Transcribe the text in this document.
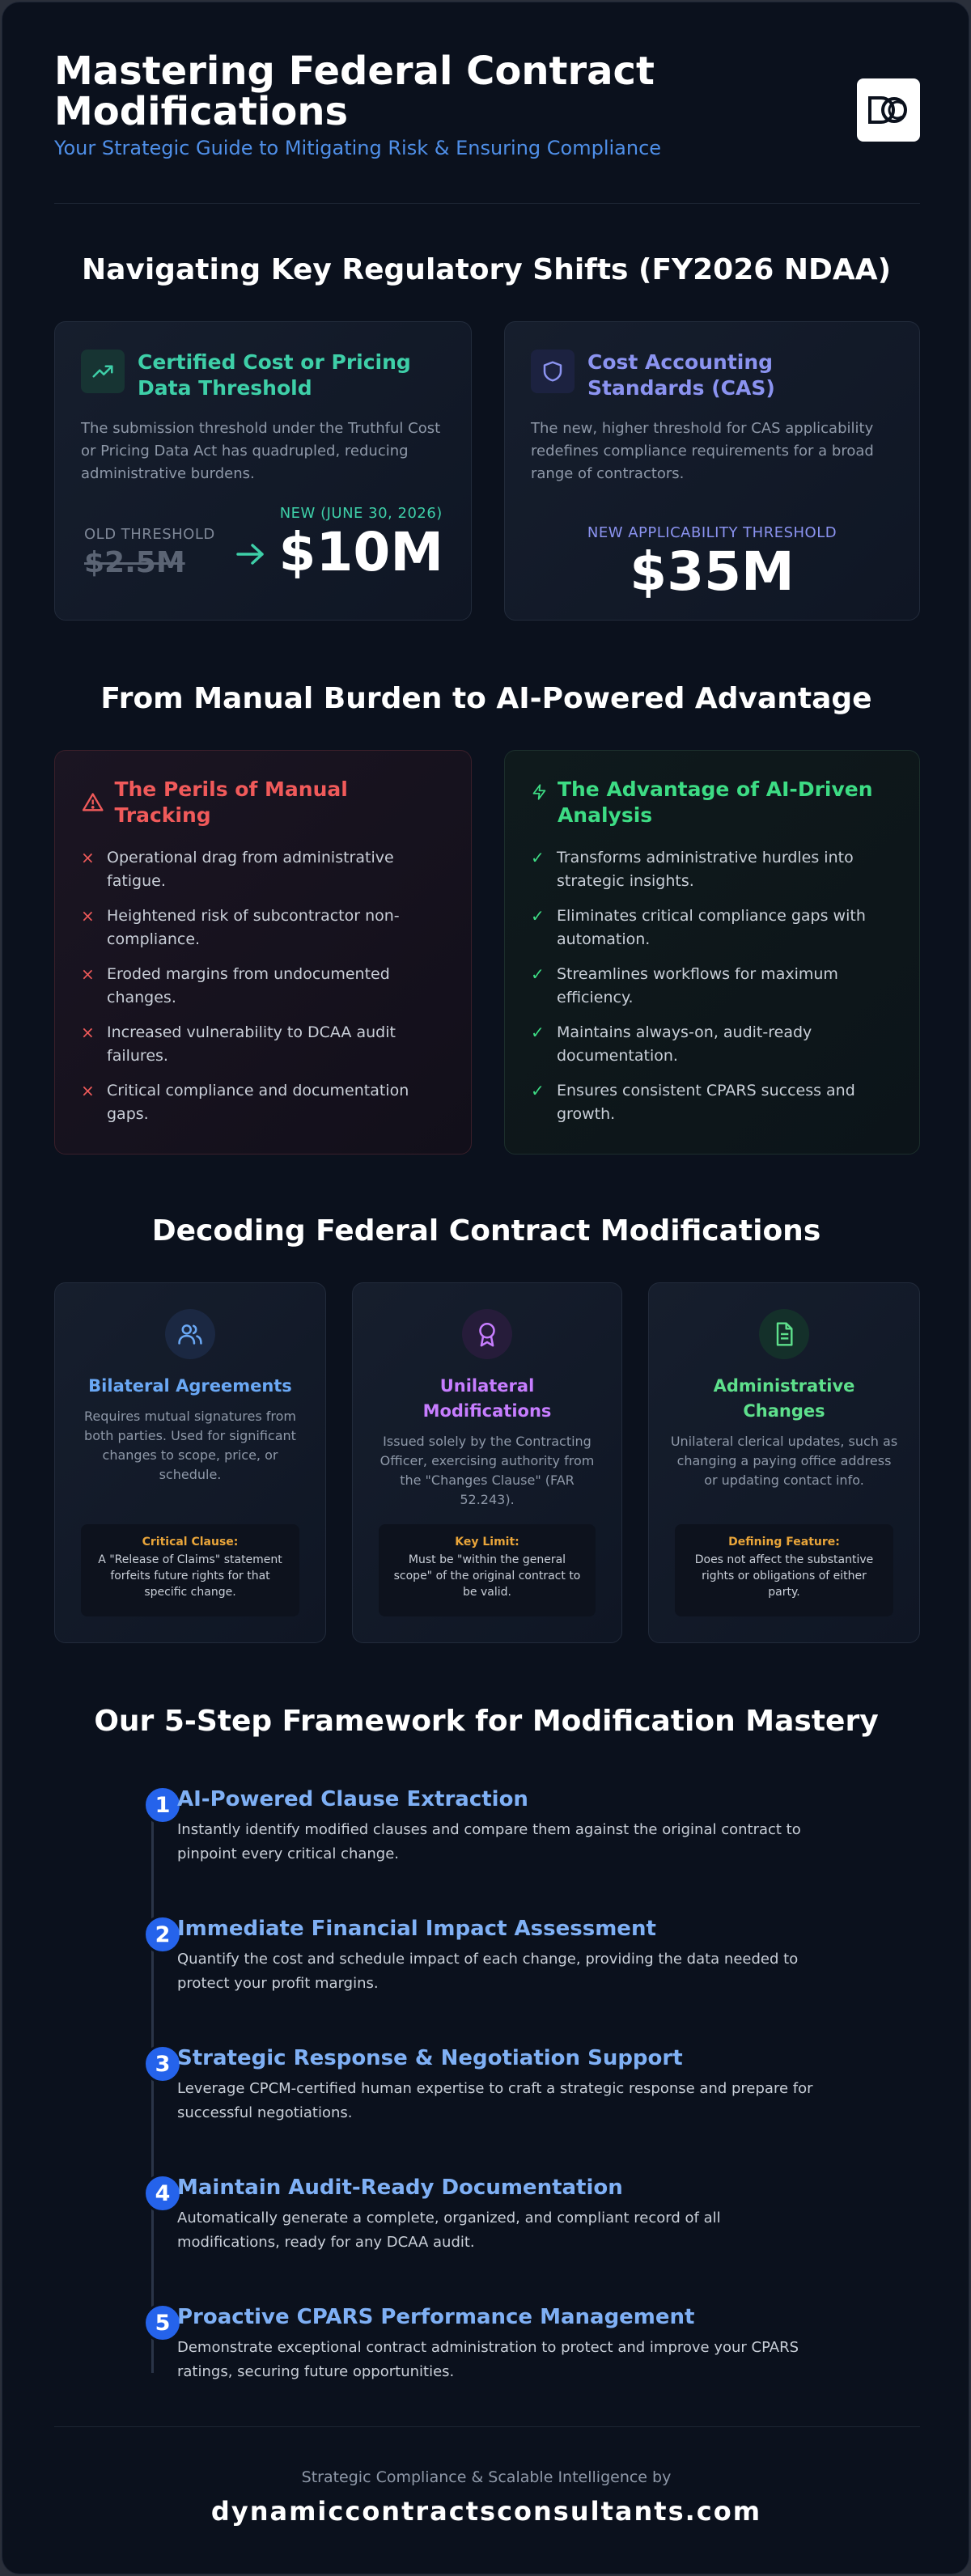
Mastering Federal Contract Modifications
Your Strategic Guide to Mitigating Risk & Ensuring Compliance
Navigating Key Regulatory Shifts (FY2026 NDAA)
Certified Cost or Pricing Data Threshold
The submission threshold under the Truthful Cost or Pricing Data Act has quadrupled, reducing administrative burdens.
OLD THRESHOLD
$2.5M
NEW (JUNE 30, 2026)
$10M
Cost Accounting Standards (CAS)
The new, higher threshold for CAS applicability redefines compliance requirements for a broad range of contractors.
NEW APPLICABILITY THRESHOLD
$35M
From Manual Burden to AI-Powered Advantage
The Perils of Manual Tracking
× Operational drag from administrative fatigue.
× Heightened risk of subcontractor non-compliance.
× Eroded margins from undocumented changes.
× Increased vulnerability to DCAA audit failures.
× Critical compliance and documentation gaps.
The Advantage of AI-Driven Analysis
✓ Transforms administrative hurdles into strategic insights.
✓ Eliminates critical compliance gaps with automation.
✓ Streamlines workflows for maximum efficiency.
✓ Maintains always-on, audit-ready documentation.
✓ Ensures consistent CPARS success and growth.
Decoding Federal Contract Modifications
Bilateral Agreements
Requires mutual signatures from both parties. Used for significant changes to scope, price, or schedule.
Critical Clause:
A "Release of Claims" statement forfeits future rights for that specific change.
Unilateral Modifications
Issued solely by the Contracting Officer, exercising authority from the "Changes Clause" (FAR 52.243).
Key Limit:
Must be "within the general scope" of the original contract to be valid.
Administrative Changes
Unilateral clerical updates, such as changing a paying office address or updating contact info.
Defining Feature:
Does not affect the substantive rights or obligations of either party.
Our 5-Step Framework for Modification Mastery
1 AI-Powered Clause Extraction
Instantly identify modified clauses and compare them against the original contract to pinpoint every critical change.
2 Immediate Financial Impact Assessment
Quantify the cost and schedule impact of each change, providing the data needed to protect your profit margins.
3 Strategic Response & Negotiation Support
Leverage CPCM-certified human expertise to craft a strategic response and prepare for successful negotiations.
4 Maintain Audit-Ready Documentation
Automatically generate a complete, organized, and compliant record of all modifications, ready for any DCAA audit.
5 Proactive CPARS Performance Management
Demonstrate exceptional contract administration to protect and improve your CPARS ratings, securing future opportunities.
Strategic Compliance & Scalable Intelligence by
dynamiccontractsconsultants.com
